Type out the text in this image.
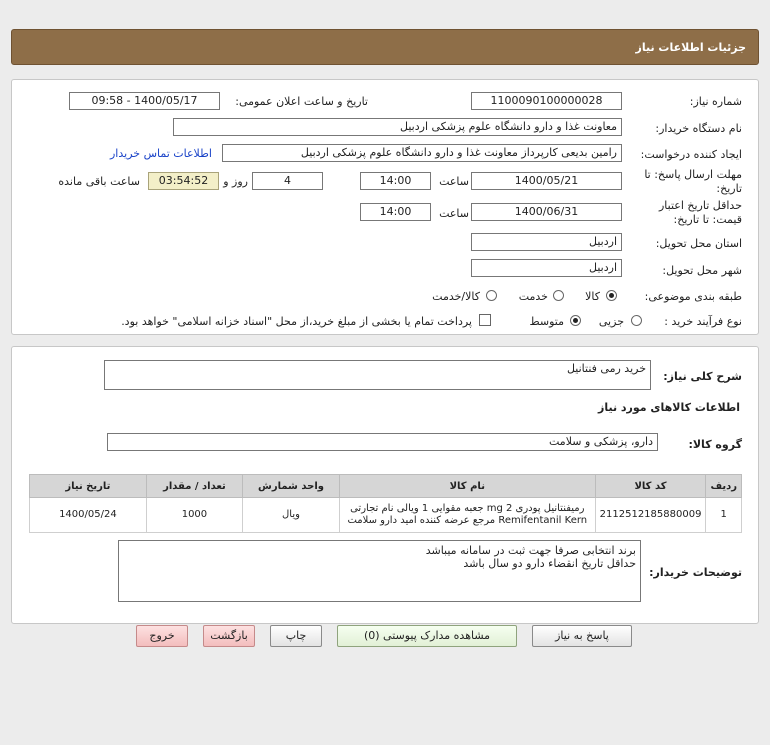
جزئیات اطلاعات نیاز
شماره نیاز:
1100090100000028
تاریخ و ساعت اعلان عمومی:
1400/05/17 - 09:58
نام دستگاه خریدار:
معاونت غذا و دارو دانشگاه علوم پزشکی اردبیل
ایجاد کننده درخواست:
رامین بدیعی کارپرداز معاونت غذا و دارو دانشگاه علوم پزشکی اردبیل
اطلاعات تماس خریدار
مهلت ارسال پاسخ: تا
تاریخ:
1400/05/21
ساعت
14:00
4
روز و
03:54:52
ساعت باقی مانده
حداقل تاریخ اعتبار
قیمت: تا تاریخ:
1400/06/31
ساعت
14:00
استان محل تحویل:
اردبیل
شهر محل تحویل:
اردبیل
طبقه بندی موضوعی:
کالا
خدمت
کالا/خدمت
نوع فرآیند خرید :
جزیی
متوسط
پرداخت تمام یا بخشی از مبلغ خرید،از محل "اسناد خزانه اسلامی" خواهد بود.
شرح کلی نیاز:
خرید رمی فنتانیل
اطلاعات کالاهای مورد نیاز
گروه کالا:
دارو، پزشکی و سلامت
ردیف	کد کالا	نام کالا	واحد شمارش	تعداد / مقدار	تاریخ نیاز
1	2112512185880009	رمیفنتانیل پودری mg 2 جعبه مقوایی 1 ویالی نام تجارتی
Remifentanil Kern مرجع عرضه کننده امید دارو سلامت	ویال	1000	1400/05/24
توضیحات خریدار:
برند انتخابی صرفا جهت ثبت در سامانه میباشد
حداقل تاریخ انقضاء دارو دو سال باشد
پاسخ به نیاز
مشاهده مدارک پیوستی (0)
چاپ
بازگشت
خروج
